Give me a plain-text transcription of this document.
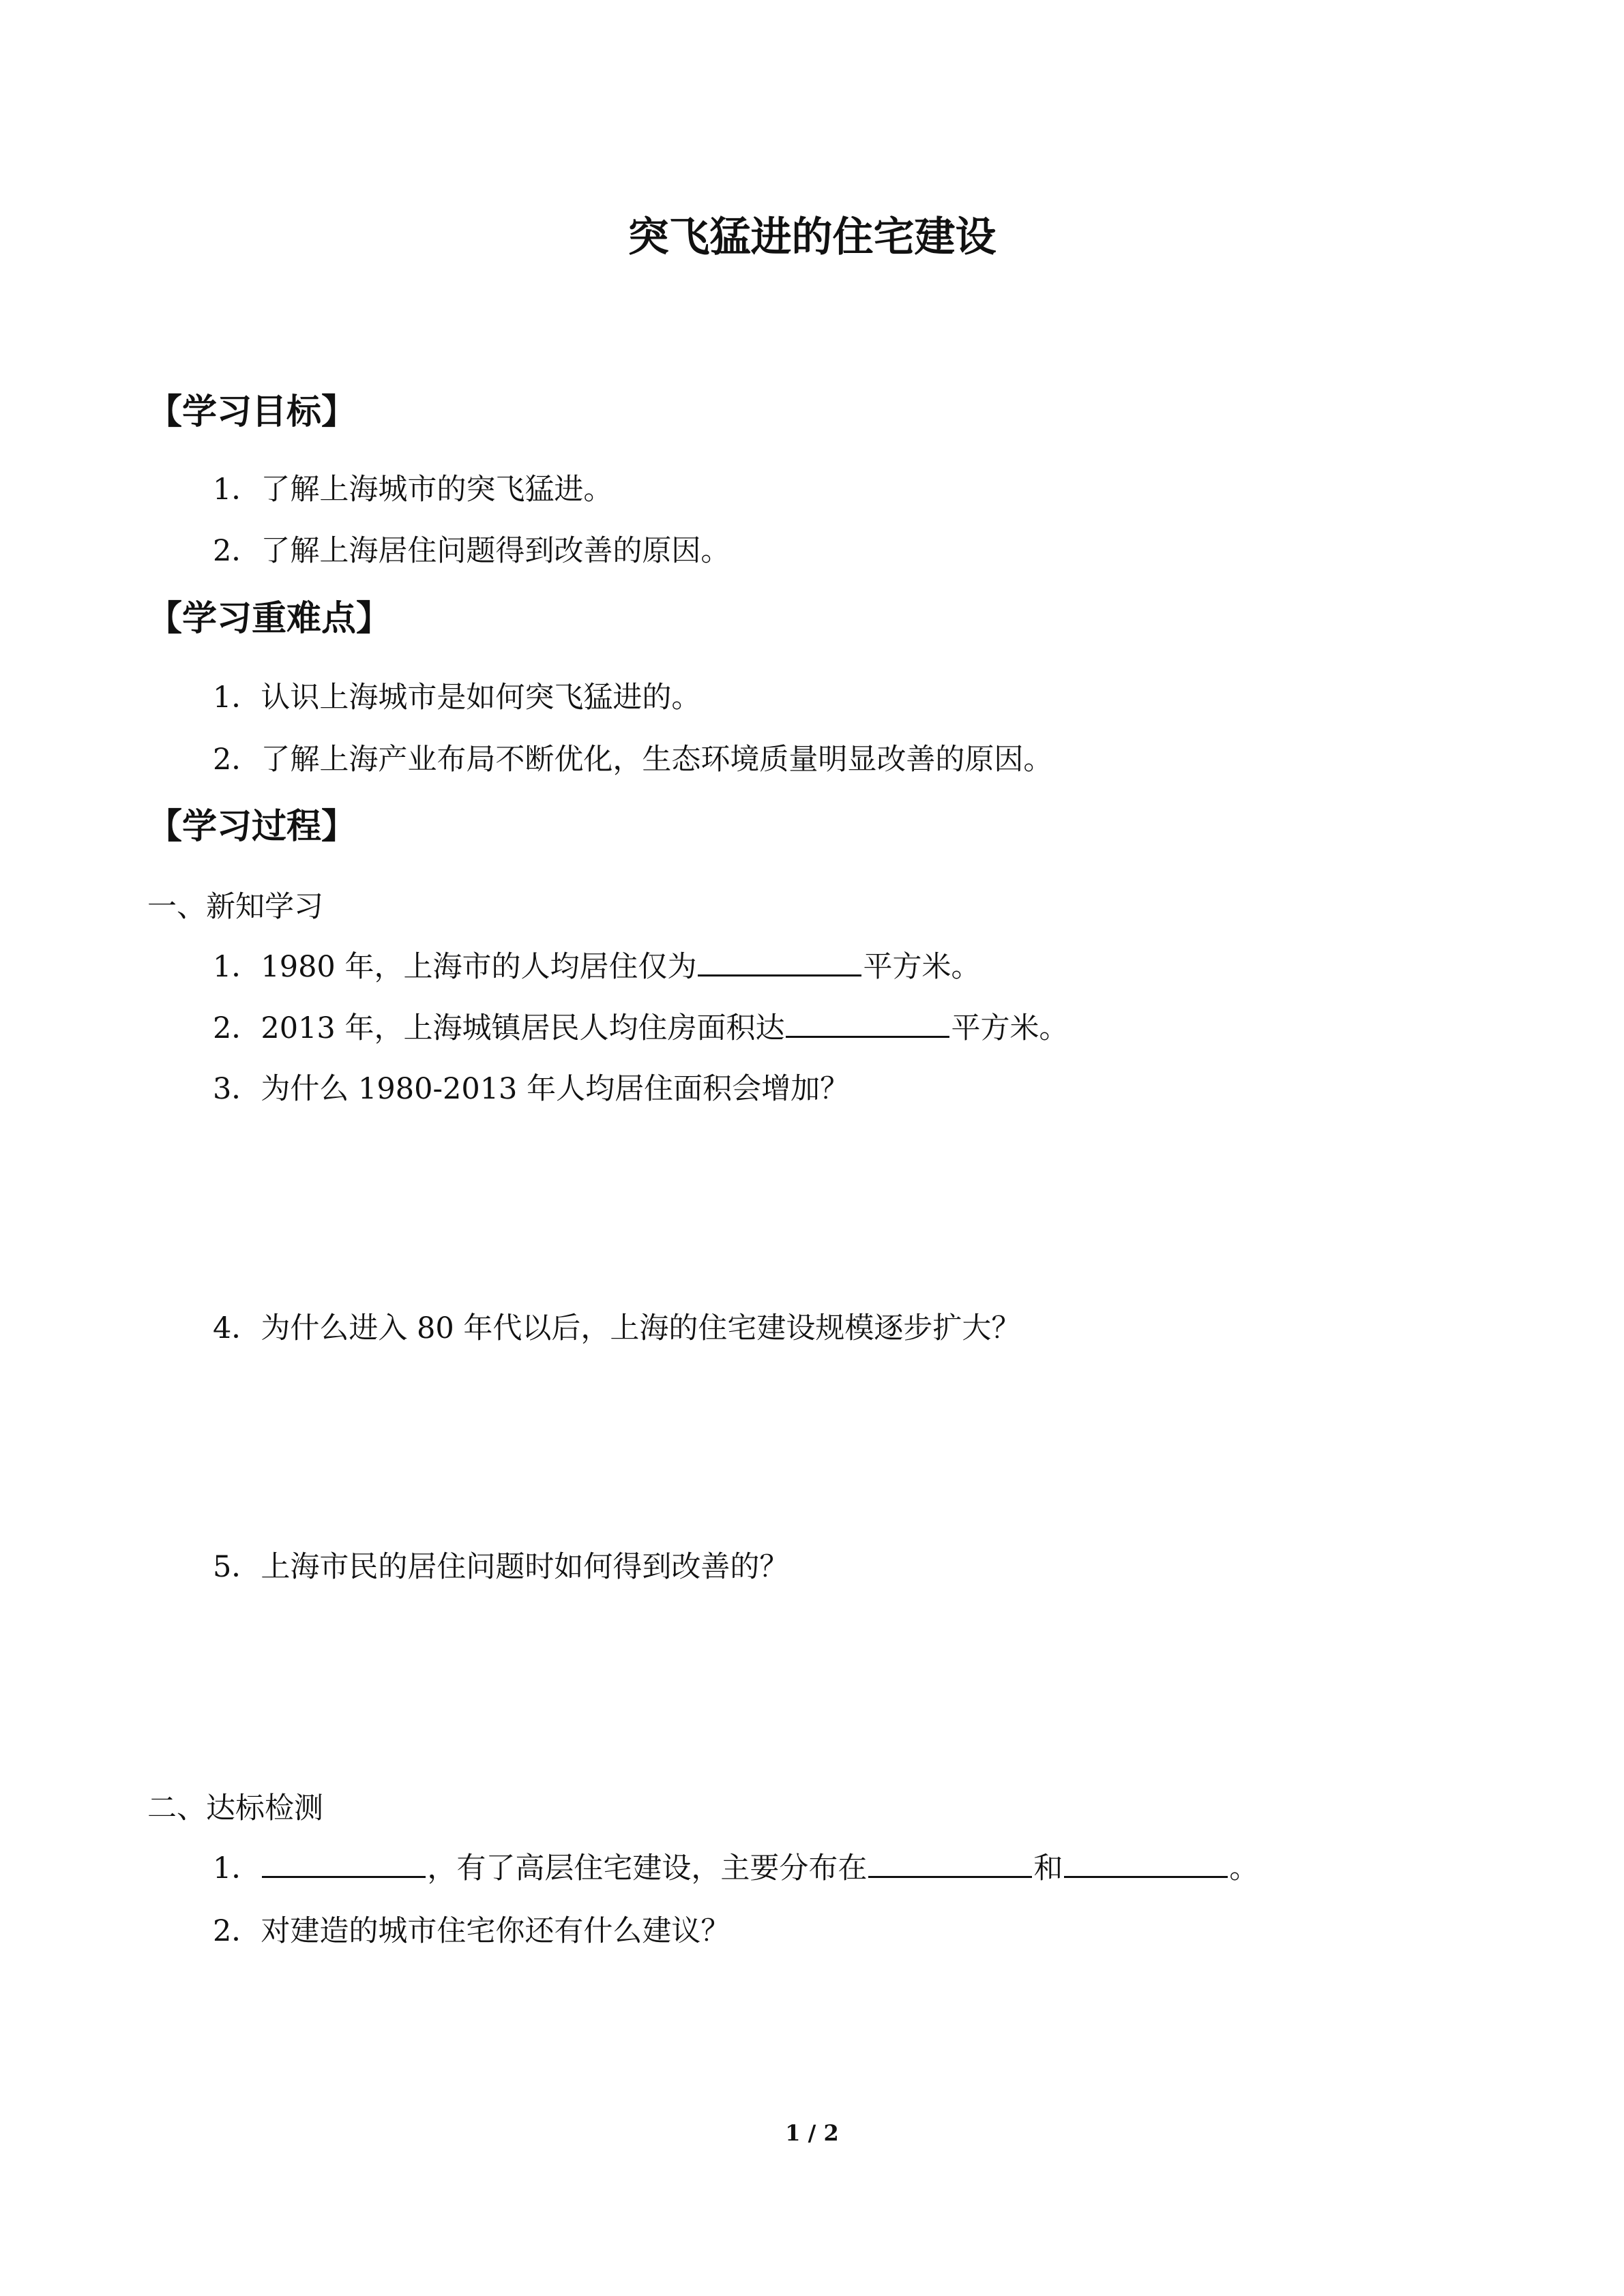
突飞猛进的住宅建设
【学习目标】
1．了解上海城市的突飞猛进。
2．了解上海居住问题得到改善的原因。
【学习重难点】
1．认识上海城市是如何突飞猛进的。
2．了解上海产业布局不断优化，生态环境质量明显改善的原因。
【学习过程】
一、新知学习
1．1980 年，上海市的人均居住仅为	平方米。
2．2013 年，上海城镇居民人均住房面积达	平方米。
3．为什么 1980-2013 年人均居住面积会增加？
4．为什么进入 80 年代以后，上海的住宅建设规模逐步扩大？
5．上海市民的居住问题时如何得到改善的？
二、达标检测
1．	，有了高层住宅建设，主要分布在	和	。
2．对建造的城市住宅你还有什么建议？
1 / 2
